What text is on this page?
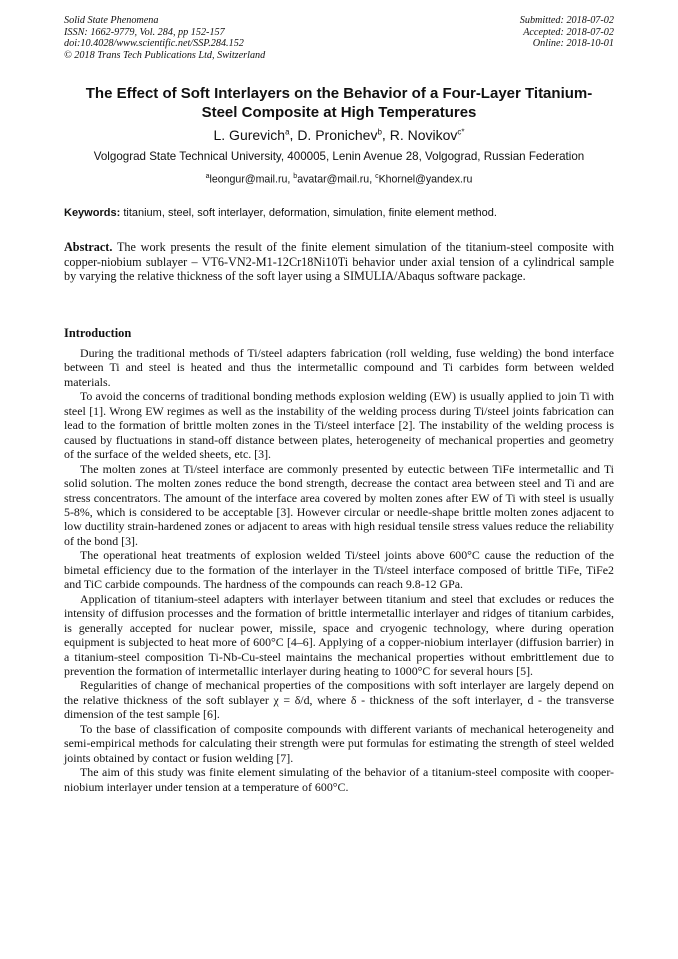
Solid State Phenomena
ISSN: 1662-9779, Vol. 284, pp 152-157
doi:10.4028/www.scientific.net/SSP.284.152
© 2018 Trans Tech Publications Ltd, Switzerland
Submitted: 2018-07-02
Accepted: 2018-07-02
Online: 2018-10-01
The Effect of Soft Interlayers on the Behavior of a Four-Layer Titanium-
Steel Composite at High Temperatures
L. Gurevich$^a$, D. Pronichev$^b$, R. Novikov$^{c*}$
Volgograd State Technical University, 400005, Lenin Avenue 28, Volgograd, Russian Federation
$^a$leongur@mail.ru, $^b$avatar@mail.ru, $^c$Khornel@yandex.ru
Keywords: titanium, steel, soft interlayer, deformation, simulation, finite element method.
Abstract. The work presents the result of the finite element simulation of the titanium-steel composite with copper-niobium sublayer – VT6-VN2-M1-12Cr18Ni10Ti behavior under axial tension of a cylindrical sample by varying the relative thickness of the soft layer using a SIMULIA/Abaqus software package.
Introduction

During the traditional methods of Ti/steel adapters fabrication (roll welding, fuse welding) the bond interface between Ti and steel is heated and thus the intermetallic compound and Ti carbides form between welded materials.

To avoid the concerns of traditional bonding methods explosion welding (EW) is usually applied to join Ti with steel [1]. Wrong EW regimes as well as the instability of the welding process during Ti/steel joints fabrication can lead to the formation of brittle molten zones in the Ti/steel interface [2]. The instability of the welding process is caused by fluctuations in stand-off distance between plates, heterogeneity of mechanical properties and geometry of the surface of the welded sheets, etc. [3].

The molten zones at Ti/steel interface are commonly presented by eutectic between TiFe intermetallic and Ti solid solution. The molten zones reduce the bond strength, decrease the contact area between steel and Ti and are stress concentrators. The amount of the interface area covered by molten zones after EW of Ti with steel is usually 5-8%, which is considered to be acceptable [3]. However circular or needle-shape brittle molten zones adjacent to low ductility strain-hardened zones or adjacent to areas with high residual tensile stress values reduce the reliability of the bond [3].

The operational heat treatments of explosion welded Ti/steel joints above 600°C cause the reduction of the bimetal efficiency due to the formation of the interlayer in the Ti/steel interface composed of brittle TiFe, TiFe2 and TiC carbide compounds. The hardness of the compounds can reach 9.8-12 GPa.

Application of titanium-steel adapters with interlayer between titanium and steel that excludes or reduces the intensity of diffusion processes and the formation of brittle intermetallic interlayer and ridges of titanium carbides, is generally accepted for nuclear power, missile, space and cryogenic technology, where during operation equipment is subjected to heat more of 600°C [4–6]. Applying of a copper-niobium interlayer (diffusion barrier) in a titanium-steel composition Ti-Nb-Cu-steel maintains the mechanical properties without embrittlement due to prevention the formation of intermetallic interlayer during heating to 1000°C for several hours [5].

Regularities of change of mechanical properties of the compositions with soft interlayer are largely depend on the relative thickness of the soft sublayer χ = δ/d, where δ - thickness of the soft interlayer, d - the transverse dimension of the test sample [6].

To the base of classification of composite compounds with different variants of mechanical heterogeneity and semi-empirical methods for calculating their strength were put formulas for estimating the strength of steel welded joints obtained by contact or fusion welding [7].

The aim of this study was finite element simulating of the behavior of a titanium-steel composite with cooper-niobium interlayer under tension at a temperature of 600°C.
